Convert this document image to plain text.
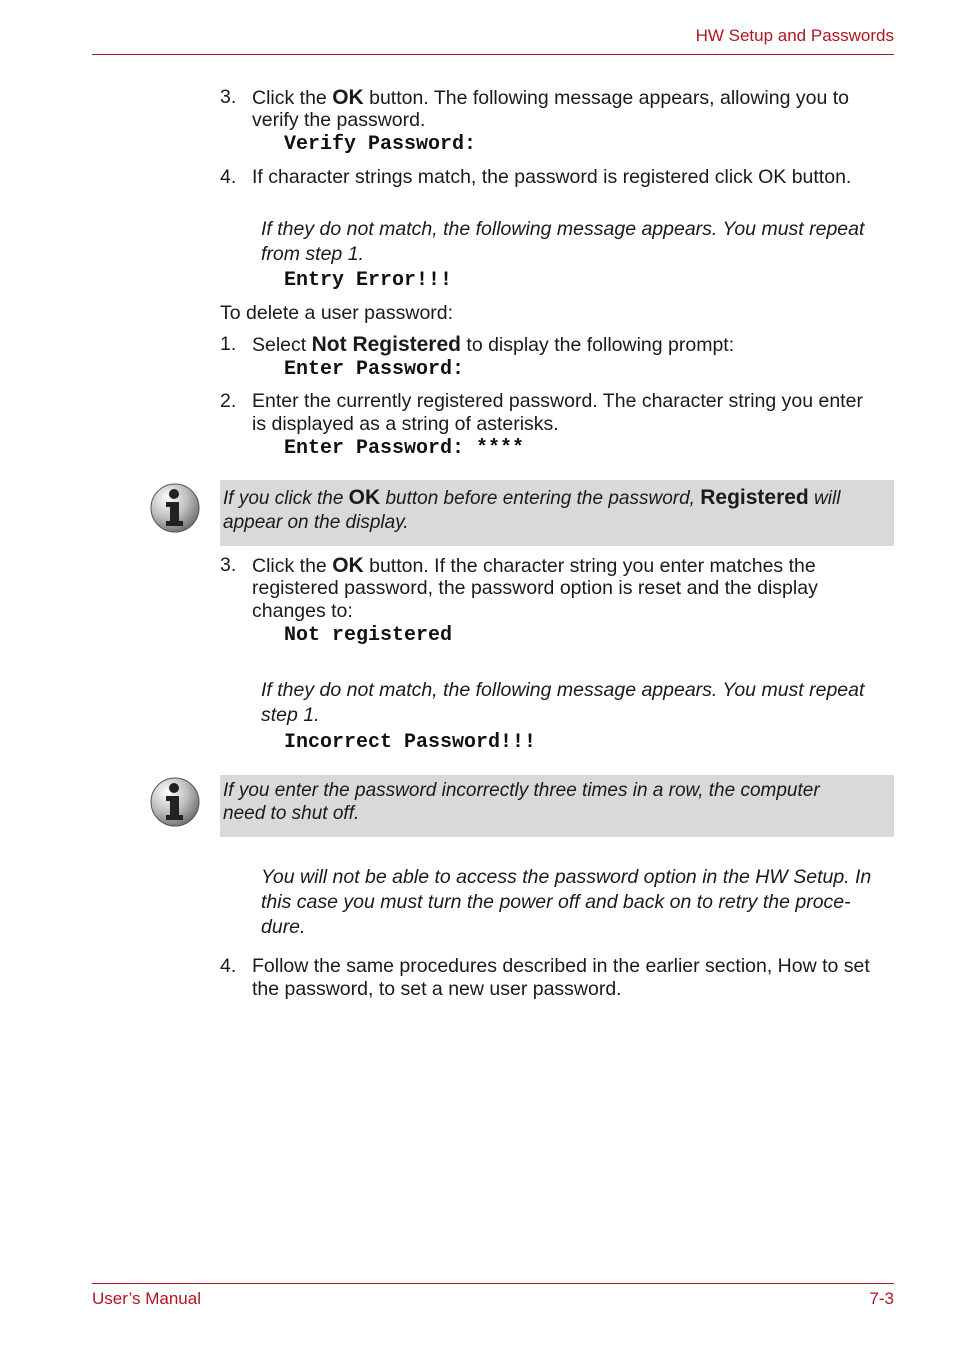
HW Setup and Passwords
3. Click the OK button. The following message appears, allowing you to
verify the password.
Verify Password:
4. If character strings match, the password is registered click OK button.
If they do not match, the following message appears. You must repeat
from step 1.
Entry Error!!!
To delete a user password:
1. Select Not Registered to display the following prompt:
Enter Password:
2. Enter the currently registered password. The character string you enter
is displayed as a string of asterisks.
Enter Password: ****
If you click the OK button before entering the password, Registered will
appear on the display.
3. Click the OK button. If the character string you enter matches the
registered password, the password option is reset and the display
changes to:
Not registered
If they do not match, the following message appears. You must repeat
step 1.
Incorrect Password!!!
If you enter the password incorrectly three times in a row, the computer
need to shut off.
You will not be able to access the password option in the HW Setup. In
this case you must turn the power off and back on to retry the proce-
dure.
4. Follow the same procedures described in the earlier section, How to set
the password, to set a new user password.
User’s Manual	7-3
